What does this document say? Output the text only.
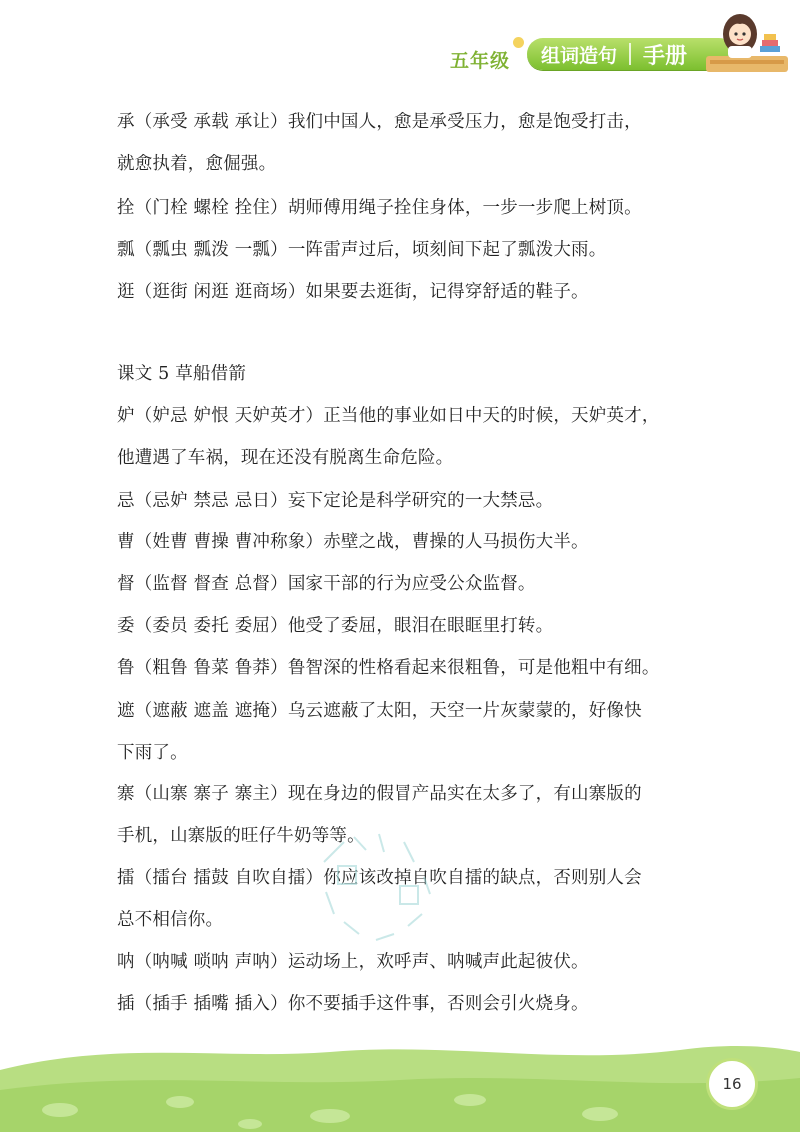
五年级	组词造句	手册
承（承受 承载 承让）我们中国人，愈是承受压力，愈是饱受打击，
就愈执着，愈倔强。
拴（门栓 螺栓 拴住）胡师傅用绳子拴住身体，一步一步爬上树顶。
瓢（瓢虫 瓢泼 一瓢）一阵雷声过后，顷刻间下起了瓢泼大雨。
逛（逛街 闲逛 逛商场）如果要去逛街，记得穿舒适的鞋子。
课文 5 草船借箭
妒（妒忌 妒恨 天妒英才）正当他的事业如日中天的时候，天妒英才，
他遭遇了车祸，现在还没有脱离生命危险。
忌（忌妒 禁忌 忌日）妄下定论是科学研究的一大禁忌。
曹（姓曹 曹操 曹冲称象）赤壁之战，曹操的人马损伤大半。
督（监督 督查 总督）国家干部的行为应受公众监督。
委（委员 委托 委屈）他受了委屈，眼泪在眼眶里打转。
鲁（粗鲁 鲁菜 鲁莽）鲁智深的性格看起来很粗鲁，可是他粗中有细。
遮（遮蔽 遮盖 遮掩）乌云遮蔽了太阳，天空一片灰蒙蒙的，好像快
下雨了。
寨（山寨 寨子 寨主）现在身边的假冒产品实在太多了，有山寨版的
手机，山寨版的旺仔牛奶等等。
擂（擂台 擂鼓 自吹自擂）你应该改掉自吹自擂的缺点，否则别人会
总不相信你。
呐（呐喊 唢呐 声呐）运动场上，欢呼声、呐喊声此起彼伏。
插（插手 插嘴 插入）你不要插手这件事，否则会引火烧身。
16
